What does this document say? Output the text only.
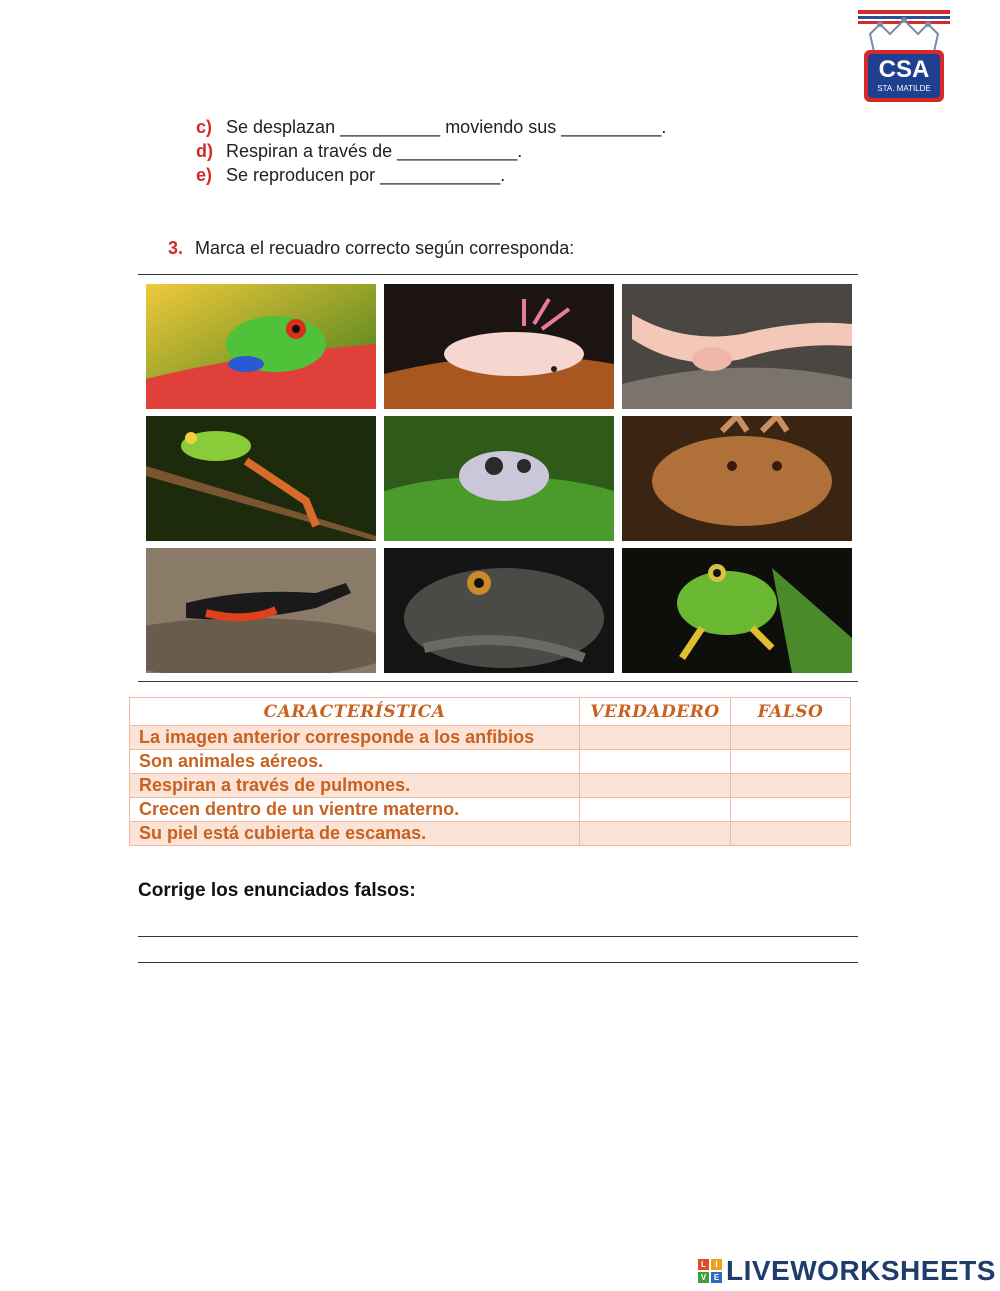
CSA
STA. MATILDE
c) Se desplazan __________ moviendo sus __________.
d) Respiran a través de ____________.
e) Se reproducen por ____________.
3. Marca el recuadro correcto según corresponda:
CARACTERÍSTICA	VERDADERO	FALSO
La imagen anterior corresponde a los anfibios		
Son animales aéreos.		
Respiran a través de pulmones.		
Crecen dentro de un vientre materno.		
Su piel está cubierta de escamas.		
Corrige los enunciados falsos:
L	I
V E LIVEWORKSHEETS
